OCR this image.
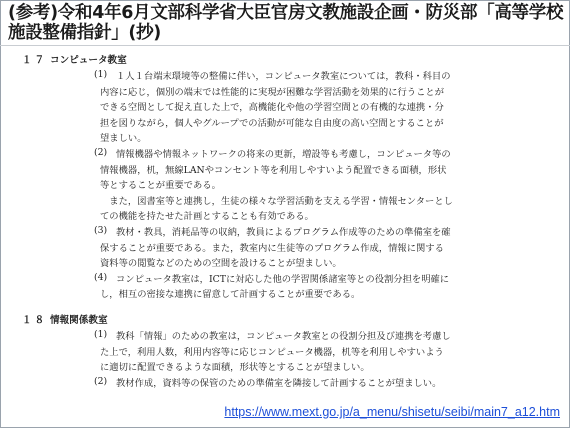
(参考)令和4年6月文部科学省大臣官房文教施設企画・防災部「高等学校施設整備指針」(抄)
１７ コンピュータ教室
(1) １人１台端末環境等の整備に伴い，コンピュータ教室については，教科・科目の
内容に応じ，個別の端末では性能的に実現が困難な学習活動を効果的に行うことが
できる空間として捉え直した上で，高機能化や他の学習空間との有機的な連携・分
担を図りながら，個人やグループでの活動が可能な自由度の高い空間とすることが
望ましい。
(2) 情報機器や情報ネットワークの将来の更新，増設等も考慮し，コンピュータ等の
情報機器，机，無線LANやコンセント等を利用しやすいよう配置できる面積，形状
等とすることが重要である。
　また，図書室等と連携し，生徒の様々な学習活動を支える学習・情報センターとし
ての機能を持たせた計画とすることも有効である。
(3) 教材・教具，消耗品等の収納，教員によるプログラム作成等のための準備室を確
保することが重要である。また，教室内に生徒等のプログラム作成，情報に関する
資料等の閲覧などのための空間を設けることが望ましい。
(4) コンピュータ教室は，ICTに対応した他の学習関係諸室等との役割分担を明確に
し，相互の密接な連携に留意して計画することが重要である。
１８ 情報関係教室
(1) 教科「情報」のための教室は，コンピュータ教室との役割分担及び連携を考慮し
た上で，利用人数，利用内容等に応じコンピュータ機器，机等を利用しやすいよう
に適切に配置できるような面積，形状等とすることが望ましい。
(2) 教材作成，資料等の保管のための準備室を隣接して計画することが望ましい。
https://www.mext.go.jp/a_menu/shisetu/seibi/main7_a12.htm
